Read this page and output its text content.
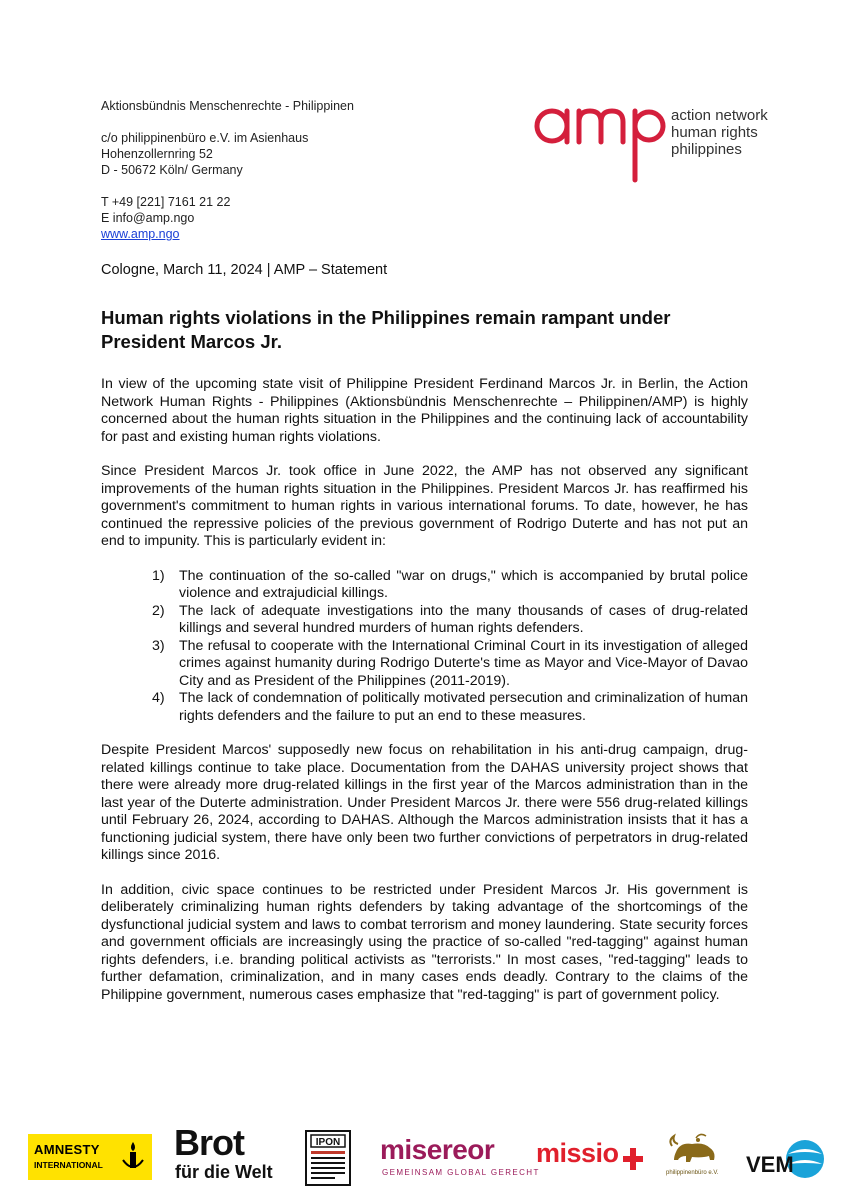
Aktionsbündnis Menschenrechte - Philippinen
c/o philippinenbüro e.V. im Asienhaus
Hohenzollernring 52
D - 50672 Köln/ Germany
T +49 [221] 7161 21 22
E info@amp.ngo
www.amp.ngo
action network
human rights
philippines
Cologne, March 11, 2024 | AMP – Statement
Human rights violations in the Philippines remain rampant under President Marcos Jr.

In view of the upcoming state visit of Philippine President Ferdinand Marcos Jr. in Berlin, the Action Network Human Rights - Philippines (Aktionsbündnis Menschenrechte – Philippinen/AMP) is highly concerned about the human rights situation in the Philippines and the continuing lack of accountability for past and existing human rights violations.

Since President Marcos Jr. took office in June 2022, the AMP has not observed any significant improvements of the human rights situation in the Philippines. President Marcos Jr. has reaffirmed his government's commitment to human rights in various international forums. To date, however, he has continued the repressive policies of the previous government of Rodrigo Duterte and has not put an end to impunity. This is particularly evident in:

1) The continuation of the so-called "war on drugs," which is accompanied by brutal police violence and extrajudicial killings.
2) The lack of adequate investigations into the many thousands of cases of drug-related killings and several hundred murders of human rights defenders.
3) The refusal to cooperate with the International Criminal Court in its investigation of alleged crimes against humanity during Rodrigo Duterte's time as Mayor and Vice-Mayor of Davao City and as President of the Philippines (2011-2019).
4) The lack of condemnation of politically motivated persecution and criminalization of human rights defenders and the failure to put an end to these measures.

Despite President Marcos' supposedly new focus on rehabilitation in his anti-drug campaign, drug-related killings continue to take place. Documentation from the DAHAS university project shows that there were already more drug-related killings in the first year of the Marcos administration than in the last year of the Duterte administration. Under President Marcos Jr. there were 556 drug-related killings until February 26, 2024, according to DAHAS. Although the Marcos administration insists that it has a functioning judicial system, there have only been two further convictions of perpetrators in drug-related killings since 2016.

In addition, civic space continues to be restricted under President Marcos Jr. His government is deliberately criminalizing human rights defenders by taking advantage of the shortcomings of the dysfunctional judicial system and laws to combat terrorism and money laundering. State security forces and government officials are increasingly using the practice of so-called "red-tagging" against human rights defenders, i.e. branding political activists as "terrorists." In most cases, "red-tagging" leads to further defamation, criminalization, and in many cases ends deadly. Contrary to the claims of the Philippine government, numerous cases emphasize that "red-tagging" is part of government policy.

AMNESTY
INTERNATIONAL
Brot
für die Welt
IPON misereor
GEMEINSAM GLOBAL GERECHT
missio
philippinenbüro e.V. VEM
